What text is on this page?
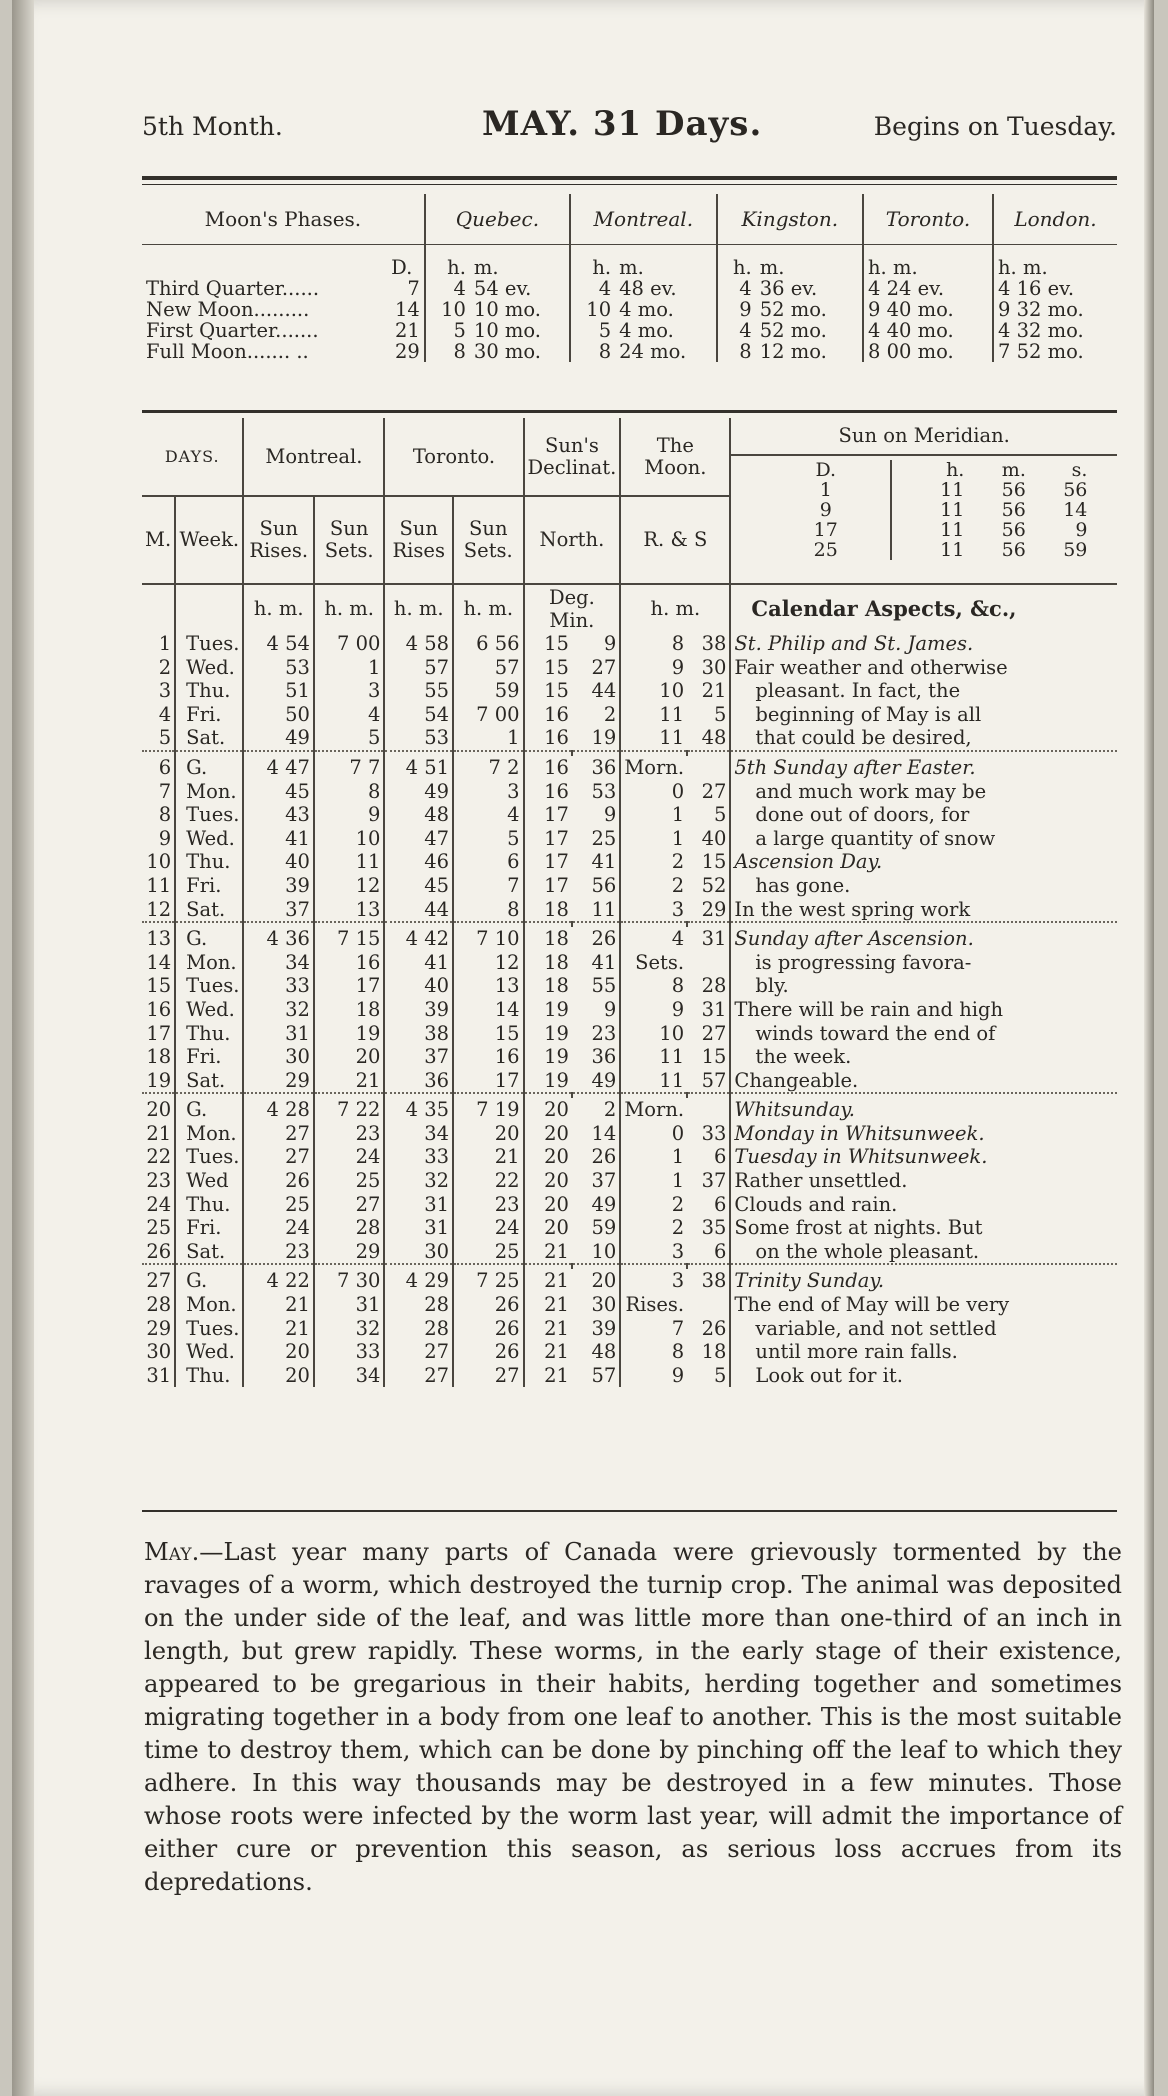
5th Month.	MAY. 31 Days.	Begins on Tuesday.
Moon's Phases.		Quebec.		Montreal.		Kingston.		Toronto.	London.
	D.	h.	m.	h.	m.	h.	m.	h. m.	h. m.
Third Quarter......	7	4	54 ev.	4	48 ev.	4	36 ev.	4 24 ev.	4 16 ev.
New Moon.........	14	10	10 mo.	10	4 mo.	9	52 mo.	9 40 mo.	9 32 mo.
First Quarter.......	21	5	10 mo.	5	4 mo.	4	52 mo.	4 40 mo.	4 32 mo.
Full Moon....... ..	29	8	30 mo.	8	24 mo.	8	12 mo.	8 00 mo.	7 52 mo.
DAYS.	Montreal.	Toronto.	Sun's Declinat.	The Moon.	
Sun on Meridian.
D.	h.	m.	s.
1	11	56	56
9	11	56	14
17	11	56	9
25	11	56	59

M.	Week.	Sun Rises.	Sun Sets.	Sun Rises	Sun Sets.	North.	R. & S
		h. m.	h. m.	h. m.	h. m.	Deg. Min.	h. m.	Calendar Aspects, &c.,
1	Tues.	4 54	7 00	4 58	6 56	15	9	8	38	St. Philip and St. James.
2	Wed.	53	1	57	57	15	27	9	30	Fair weather and otherwise
3	Thu.	51	3	55	59	15	44	10	21	pleasant. In fact, the
4	Fri.	50	4	54	7 00	16	2	11	5	beginning of May is all
5	Sat.	49	5	53	1	16	19	11	48	that could be desired,

6	G.	4 47	7 7	4 51	7 2	16	36	Morn.		5th Sunday after Easter.
7	Mon.	45	8	49	3	16	53	0	27	and much work may be
8	Tues.	43	9	48	4	17	9	1	5	done out of doors, for
9	Wed.	41	10	47	5	17	25	1	40	a large quantity of snow
10	Thu.	40	11	46	6	17	41	2	15	Ascension Day.
11	Fri.	39	12	45	7	17	56	2	52	has gone.
12	Sat.	37	13	44	8	18	11	3	29	In the west spring work

13	G.	4 36	7 15	4 42	7 10	18	26	4	31	Sunday after Ascension.
14	Mon.	34	16	41	12	18	41	Sets.		is progressing favora-
15	Tues.	33	17	40	13	18	55	8	28	bly.
16	Wed.	32	18	39	14	19	9	9	31	There will be rain and high
17	Thu.	31	19	38	15	19	23	10	27	winds toward the end of
18	Fri.	30	20	37	16	19	36	11	15	the week.
19	Sat.	29	21	36	17	19	49	11	57	Changeable.

20	G.	4 28	7 22	4 35	7 19	20	2	Morn.		Whitsunday.
21	Mon.	27	23	34	20	20	14	0	33	Monday in Whitsunweek.
22	Tues.	27	24	33	21	20	26	1	6	Tuesday in Whitsunweek.
23	Wed	26	25	32	22	20	37	1	37	Rather unsettled.
24	Thu.	25	27	31	23	20	49	2	6	Clouds and rain.
25	Fri.	24	28	31	24	20	59	2	35	Some frost at nights. But
26	Sat.	23	29	30	25	21	10	3	6	on the whole pleasant.

27	G.	4 22	7 30	4 29	7 25	21	20	3	38	Trinity Sunday.
28	Mon.	21	31	28	26	21	30	Rises.		The end of May will be very
29	Tues.	21	32	28	26	21	39	7	26	variable, and not settled
30	Wed.	20	33	27	26	21	48	8	18	until more rain falls.
31	Thu.	20	34	27	27	21	57	9	5	Look out for it.
May.—Last year many parts of Canada were grievously tormented by the ravages of a worm, which destroyed the turnip crop. The animal was deposited on the under side of the leaf, and was little more than one-third of an inch in length, but grew rapidly. These worms, in the early stage of their existence, appeared to be gregarious in their habits, herding together and sometimes migrating together in a body from one leaf to another. This is the most suitable time to destroy them, which can be done by pinching off the leaf to which they adhere. In this way thousands may be destroyed in a few minutes. Those whose roots were infected by the worm last year, will admit the importance of either cure or prevention this season, as serious loss accrues from its depredations.
